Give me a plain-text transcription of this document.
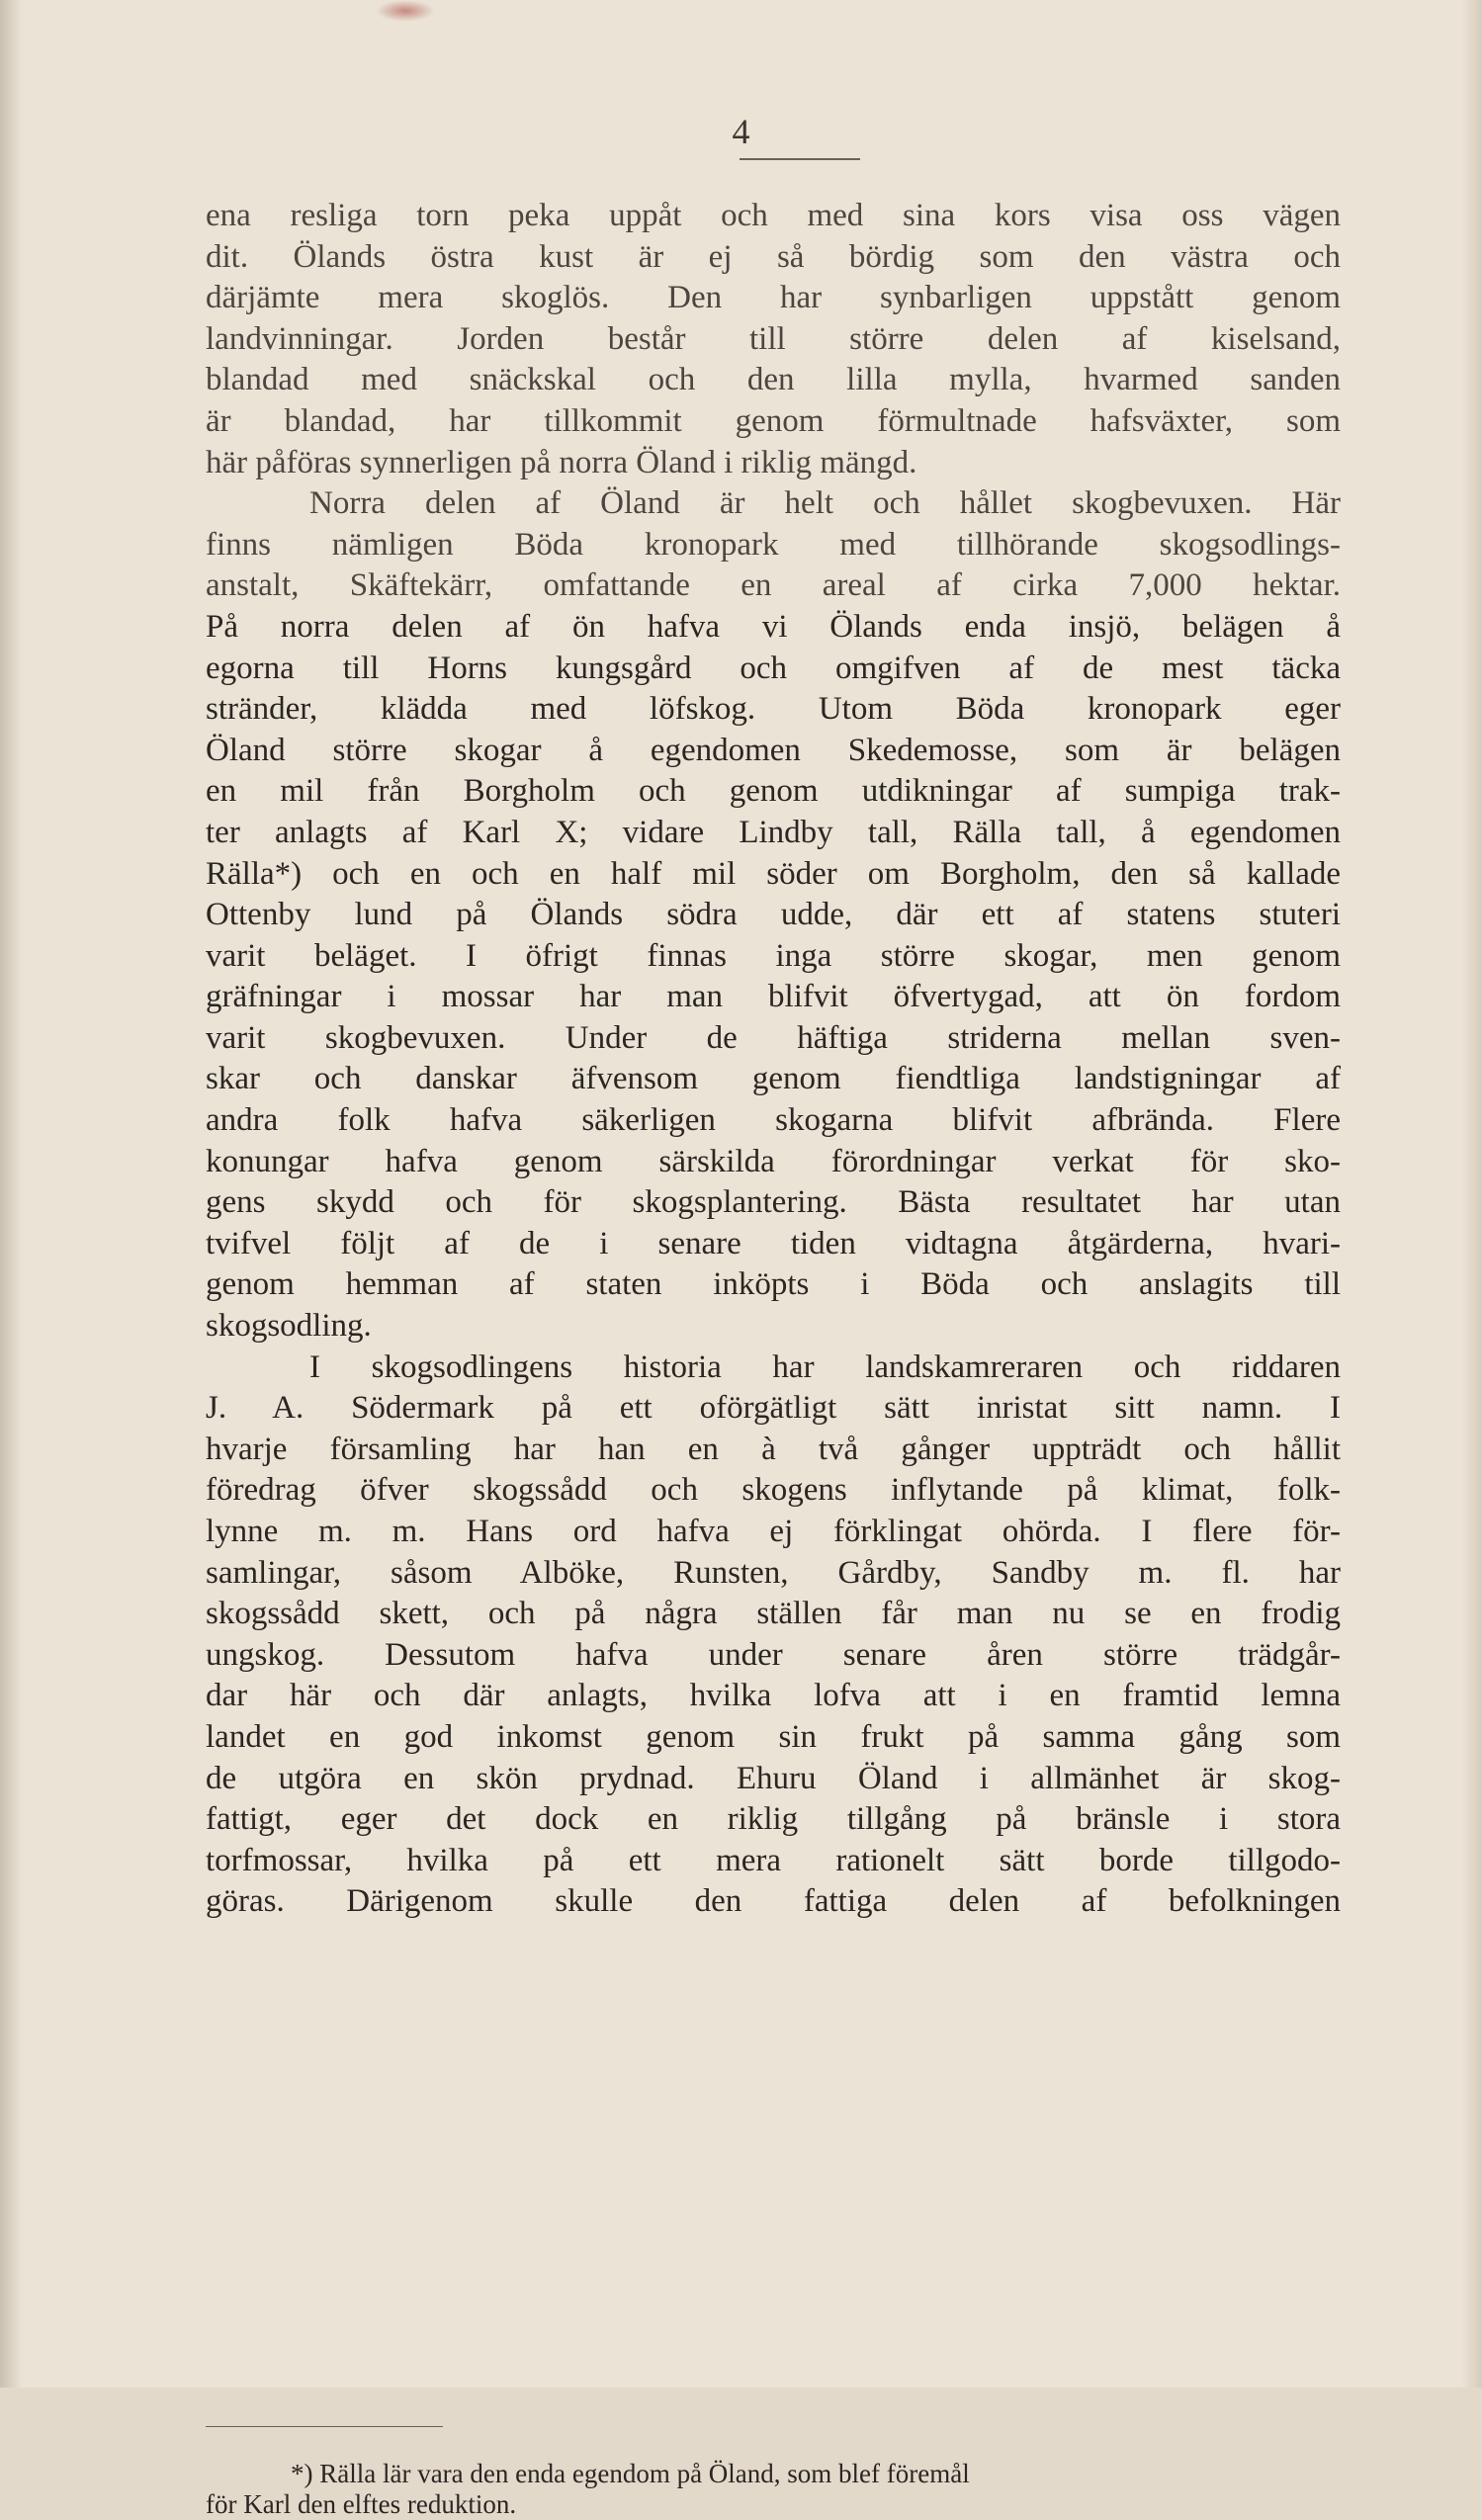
4
ena resliga torn peka uppåt och med sina kors visa oss vägen
dit. Ölands östra kust är ej så bördig som den västra och
därjämte mera skoglös. Den har synbarligen uppstått genom
landvinningar. Jorden består till större delen af kiselsand,
blandad med snäckskal och den lilla mylla, hvarmed sanden
är blandad, har tillkommit genom förmultnade hafsväxter, som
här påföras synnerligen på norra Öland i riklig mängd.
Norra delen af Öland är helt och hållet skogbevuxen. Här
finns nämligen Böda kronopark med tillhörande skogsodlings-
anstalt, Skäftekärr, omfattande en areal af cirka 7,000 hektar.
På norra delen af ön hafva vi Ölands enda insjö, belägen å
egorna till Horns kungsgård och omgifven af de mest täcka
stränder, klädda med löfskog. Utom Böda kronopark eger
Öland större skogar å egendomen Skedemosse, som är belägen
en mil från Borgholm och genom utdikningar af sumpiga trak-
ter anlagts af Karl X; vidare Lindby tall, Rälla tall, å egendomen
Rälla*) och en och en half mil söder om Borgholm, den så kallade
Ottenby lund på Ölands södra udde, där ett af statens stuteri
varit beläget. I öfrigt finnas inga större skogar, men genom
gräfningar i mossar har man blifvit öfvertygad, att ön fordom
varit skogbevuxen. Under de häftiga striderna mellan sven-
skar och danskar äfvensom genom fiendtliga landstigningar af
andra folk hafva säkerligen skogarna blifvit afbrända. Flere
konungar hafva genom särskilda förordningar verkat för sko-
gens skydd och för skogsplantering. Bästa resultatet har utan
tvifvel följt af de i senare tiden vidtagna åtgärderna, hvari-
genom hemman af staten inköpts i Böda och anslagits till
skogsodling.
I skogsodlingens historia har landskamreraren och riddaren
J. A. Södermark på ett oförgätligt sätt inristat sitt namn. I
hvarje församling har han en à två gånger uppträdt och hållit
föredrag öfver skogssådd och skogens inflytande på klimat, folk-
lynne m. m. Hans ord hafva ej förklingat ohörda. I flere för-
samlingar, såsom Alböke, Runsten, Gårdby, Sandby m. fl. har
skogssådd skett, och på några ställen får man nu se en frodig
ungskog. Dessutom hafva under senare åren större trädgår-
dar här och där anlagts, hvilka lofva att i en framtid lemna
landet en god inkomst genom sin frukt på samma gång som
de utgöra en skön prydnad. Ehuru Öland i allmänhet är skog-
fattigt, eger det dock en riklig tillgång på bränsle i stora
torfmossar, hvilka på ett mera rationelt sätt borde tillgodo-
göras. Därigenom skulle den fattiga delen af befolkningen
*) Rälla lär vara den enda egendom på Öland, som blef föremål
för Karl den elftes reduktion.
